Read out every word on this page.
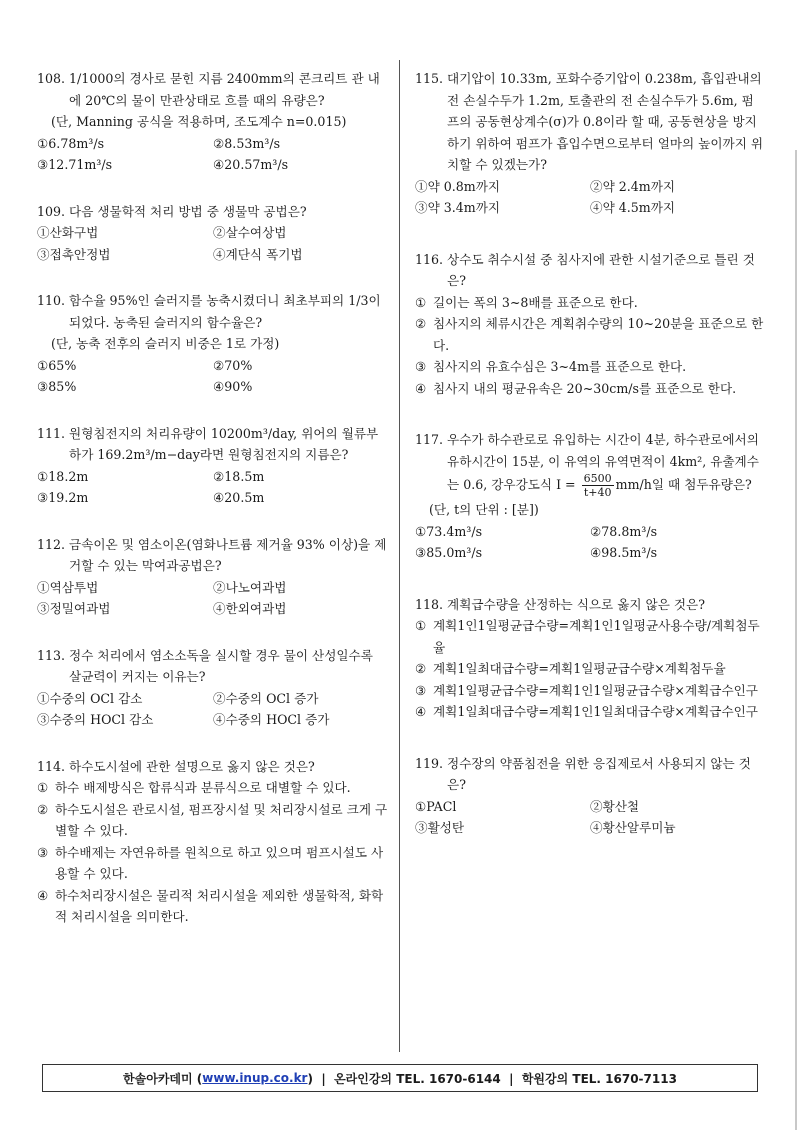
108. 1/1000의 경사로 묻힌 지름 2400mm의 콘크리트 관 내에 20℃의 물이 만관상태로 흐를 때의 유량은?
(단, Manning 공식을 적용하며, 조도계수 n=0.015)
①6.78m³/s	②8.53m³/s
③12.71m³/s	④20.57m³/s
109. 다음 생물학적 처리 방법 중 생물막 공법은?
①산화구법	②살수여상법
③접촉안정법	④계단식 폭기법
110. 함수율 95%인 슬러지를 농축시켰더니 최초부피의 1/3이 되었다. 농축된 슬러지의 함수율은?
(단, 농축 전후의 슬러지 비중은 1로 가정)
①65%	②70%
③85%	④90%
111. 원형침전지의 처리유량이 10200m³/day, 위어의 월류부하가 169.2m³/m−day라면 원형침전지의 지름은?
①18.2m	②18.5m
③19.2m	④20.5m
112. 금속이온 및 염소이온(염화나트륨 제거율 93% 이상)을 제거할 수 있는 막여과공법은?
①역삼투법	②나노여과법
③정밀여과법	④한외여과법
113. 정수 처리에서 염소소독을 실시할 경우 물이 산성일수록 살균력이 커지는 이유는?
①수중의 OCl 감소	②수중의 OCl 증가
③수중의 HOCl 감소	④수중의 HOCl 증가
114. 하수도시설에 관한 설명으로 옳지 않은 것은?
① 하수 배제방식은 합류식과 분류식으로 대별할 수 있다.
② 하수도시설은 관로시설, 펌프장시설 및 처리장시설로 크게 구별할 수 있다.
③ 하수배제는 자연유하를 원칙으로 하고 있으며 펌프시설도 사용할 수 있다.
④ 하수처리장시설은 물리적 처리시설을 제외한 생물학적, 화학적 처리시설을 의미한다.
115. 대기압이 10.33m, 포화수증기압이 0.238m, 흡입관내의 전 손실수두가 1.2m, 토출관의 전 손실수두가 5.6m, 펌프의 공동현상계수(σ)가 0.8이라 할 때, 공동현상을 방지하기 위하여 펌프가 흡입수면으로부터 얼마의 높이까지 위치할 수 있겠는가?
①약 0.8m까지	②약 2.4m까지
③약 3.4m까지	④약 4.5m까지
116. 상수도 취수시설 중 침사지에 관한 시설기준으로 틀린 것은?
① 길이는 폭의 3~8배를 표준으로 한다.
② 침사지의 체류시간은 계획취수량의 10~20분을 표준으로 한다.
③ 침사지의 유효수심은 3~4m를 표준으로 한다.
④ 침사지 내의 평균유속은 20~30cm/s를 표준으로 한다.
117. 우수가 하수관로로 유입하는 시간이 4분, 하수관로에서의 유하시간이 15분, 이 유역의 유역면적이 4km², 유출계수는 0.6, 강우강도식 $I = \frac{6500}{t+40} mm/h$일 때 첨두유량은?
(단, t의 단위 : [분])
①73.4m³/s	②78.8m³/s
③85.0m³/s	④98.5m³/s
118. 계획급수량을 산정하는 식으로 옳지 않은 것은?
① 계획1인1일평균급수량=계획1인1일평균사용수량/계획첨두율
② 계획1일최대급수량=계획1일평균급수량×계획첨두율
③ 계획1일평균급수량=계획1인1일평균급수량×계획급수인구
④ 계획1일최대급수량=계획1인1일최대급수량×계획급수인구
119. 정수장의 약품침전을 위한 응집제로서 사용되지 않는 것은?
①PACl	②황산철
③활성탄	④황산알루미늄
한솔아카데미 ( www.inup.co.kr )  |  온라인강의 TEL. 1670-6144  |  학원강의 TEL. 1670-7113
